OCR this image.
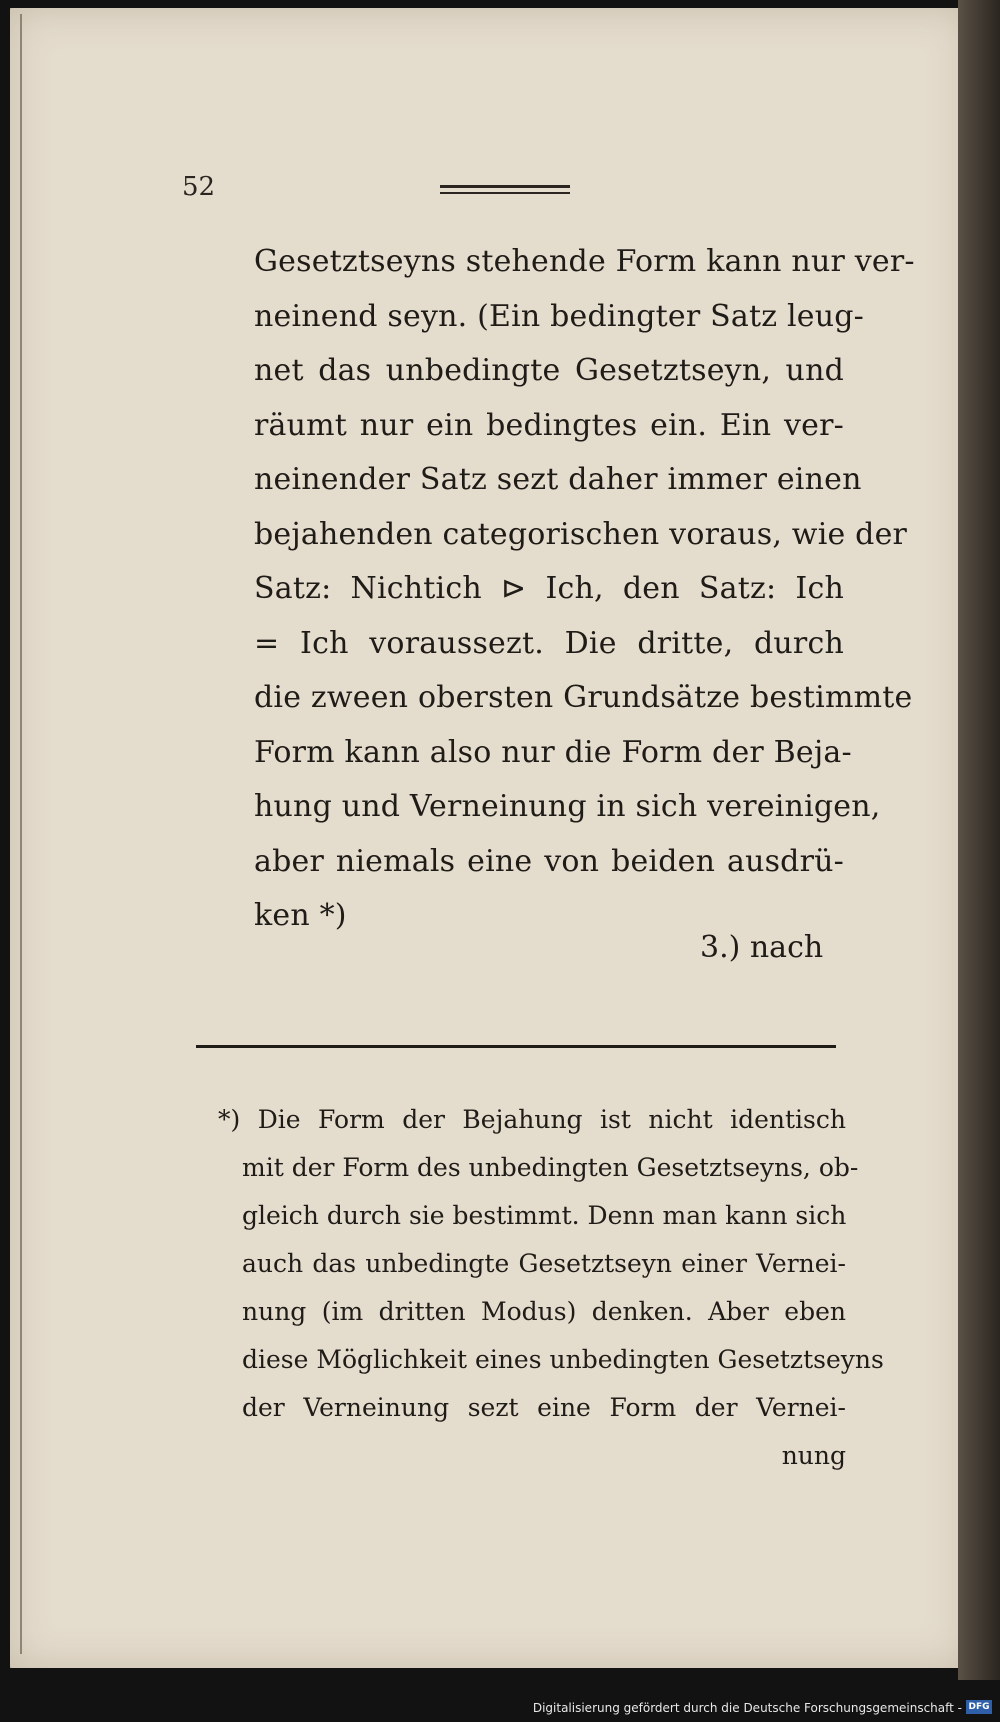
52
Gesetztseyns stehende Form kann nur ver-
neinend seyn. (Ein bedingter Satz leug-
net das unbedingte Gesetztseyn, und
räumt nur ein bedingtes ein. Ein ver-
neinender Satz sezt daher immer einen
bejahenden categorischen voraus, wie der
Satz: Nichtich ⊳ Ich, den Satz: Ich
= Ich voraussezt. Die dritte, durch
die zween obersten Grundsätze bestimmte
Form kann also nur die Form der Beja-
hung und Verneinung in sich vereinigen,
aber niemals eine von beiden ausdrü-
ken *)
3.) nach
*) Die Form der Bejahung ist nicht identisch
mit der Form des unbedingten Gesetztseyns, ob-
gleich durch sie bestimmt. Denn man kann sich
auch das unbedingte Gesetztseyn einer Vernei-
nung (im dritten Modus) denken. Aber eben
diese Möglichkeit eines unbedingten Gesetztseyns
der Verneinung sezt eine Form der Vernei-
nung
Digitalisierung gefördert durch die Deutsche Forschungsgemeinschaft - DFG
